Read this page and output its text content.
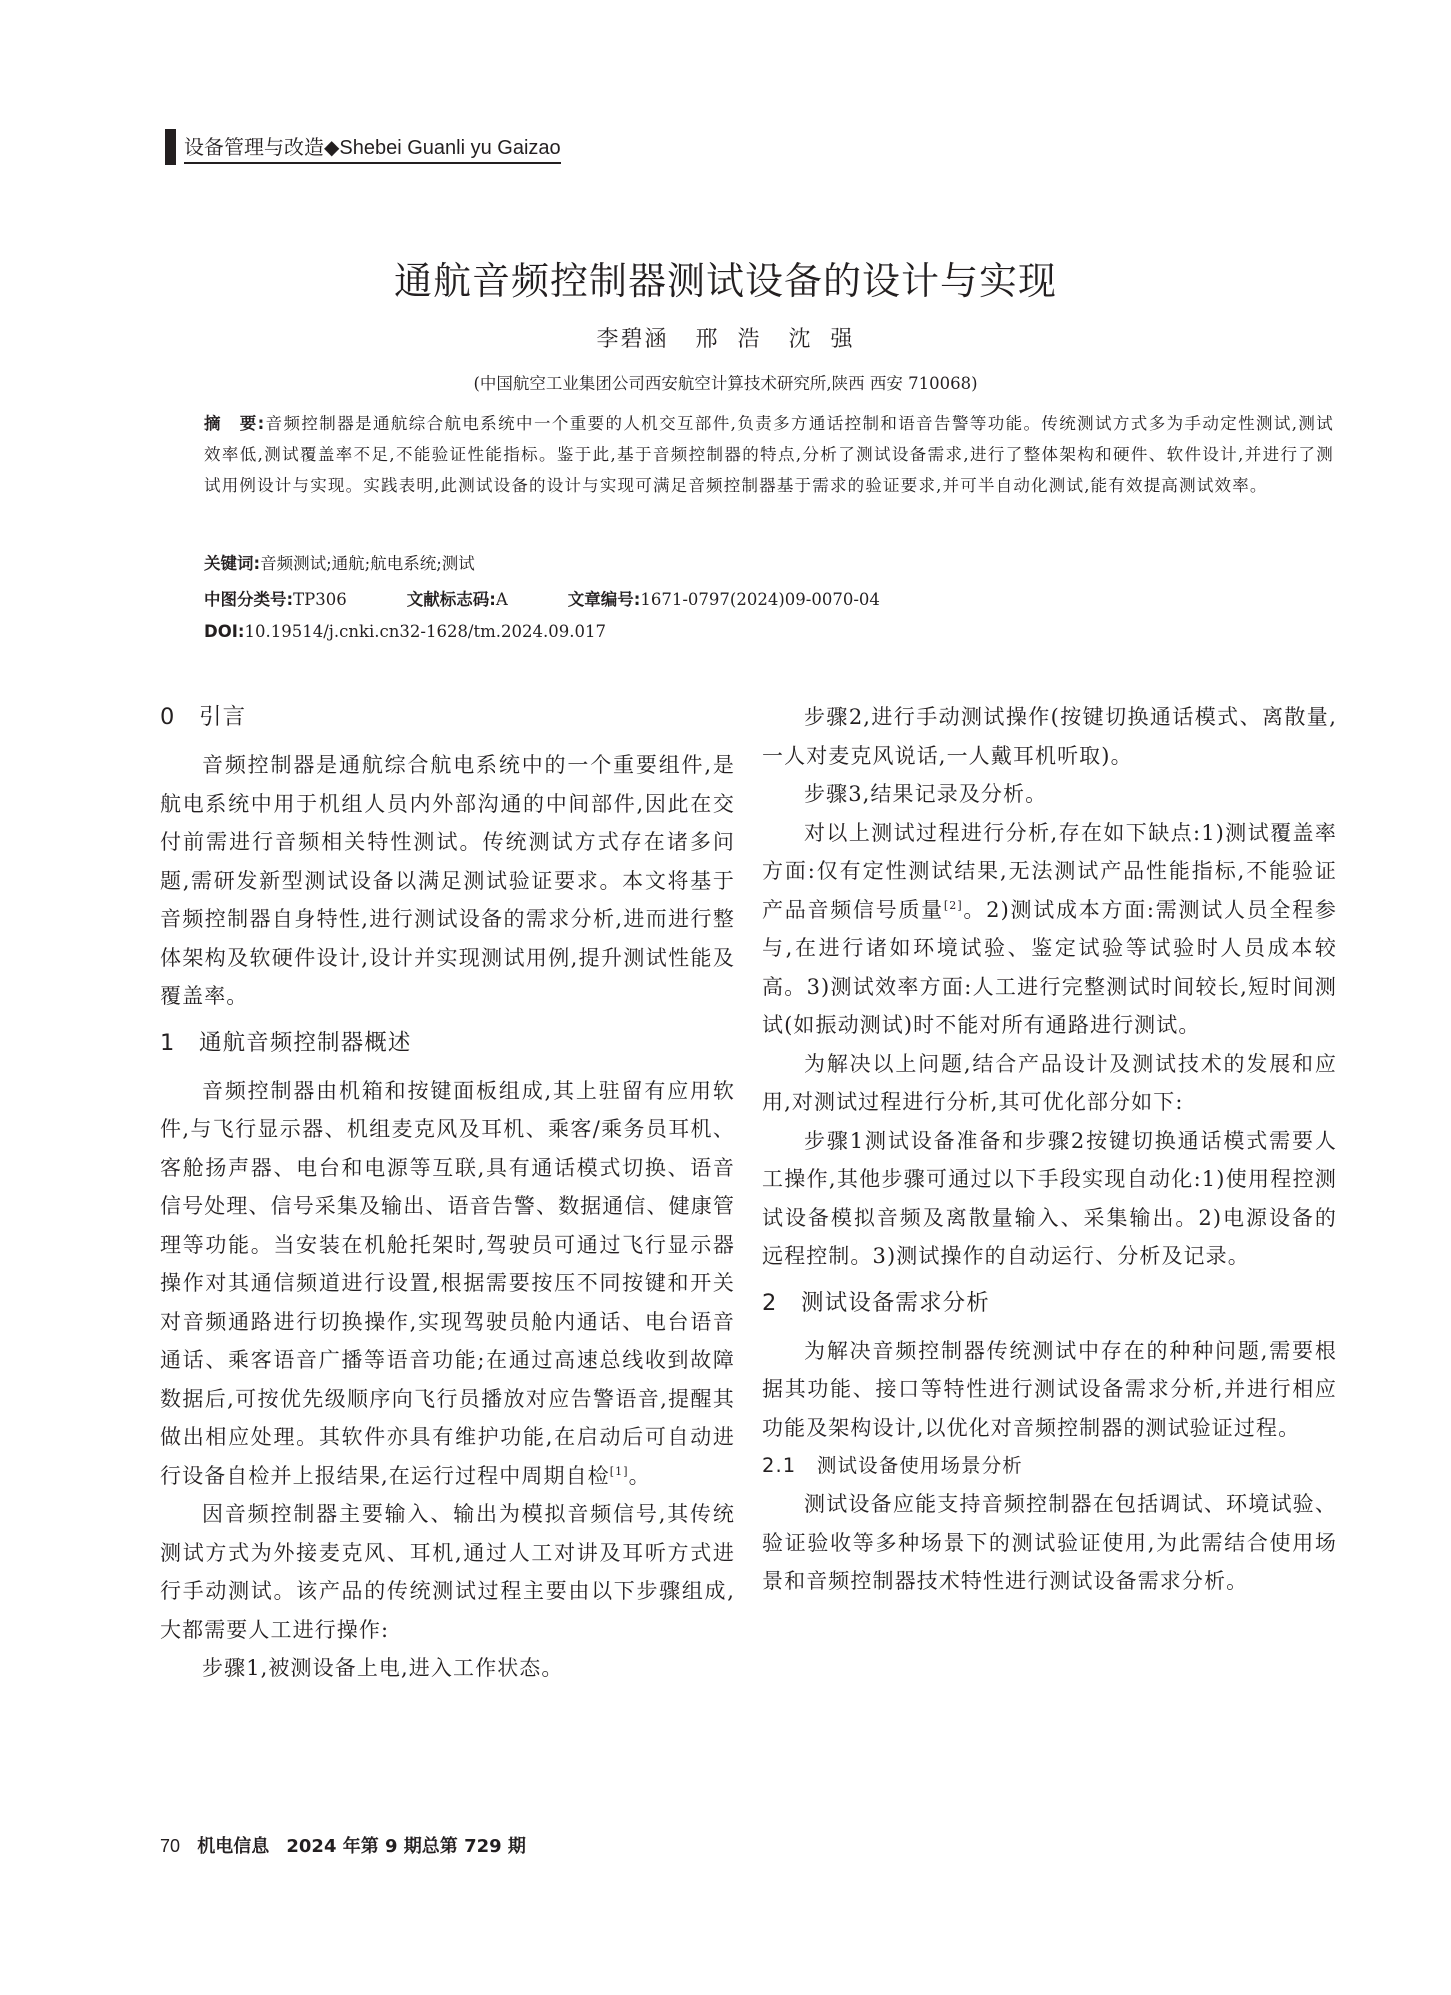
设备管理与改造◆Shebei Guanli yu Gaizao
通航音频控制器测试设备的设计与实现
李碧涵   邢  浩   沈  强
(中国航空工业集团公司西安航空计算技术研究所,陕西 西安 710068)
摘　要:音频控制器是通航综合航电系统中一个重要的人机交互部件,负责多方通话控制和语音告警等功能。传统测试方式多为手动定性测试,测试效率低,测试覆盖率不足,不能验证性能指标。鉴于此,基于音频控制器的特点,分析了测试设备需求,进行了整体架构和硬件、软件设计,并进行了测试用例设计与实现。实践表明,此测试设备的设计与实现可满足音频控制器基于需求的验证要求,并可半自动化测试,能有效提高测试效率。
关键词:音频测试;通航;航电系统;测试
中图分类号:TP306	文献标志码:A	文章编号:1671-0797(2024)09-0070-04
DOI:10.19514/j.cnki.cn32-1628/tm.2024.09.017
0　引言

音频控制器是通航综合航电系统中的一个重要组件,是航电系统中用于机组人员内外部沟通的中间部件,因此在交付前需进行音频相关特性测试。传统测试方式存在诸多问题,需研发新型测试设备以满足测试验证要求。本文将基于音频控制器自身特性,进行测试设备的需求分析,进而进行整体架构及软硬件设计,设计并实现测试用例,提升测试性能及覆盖率。

1　通航音频控制器概述

音频控制器由机箱和按键面板组成,其上驻留有应用软件,与飞行显示器、机组麦克风及耳机、乘客/乘务员耳机、客舱扬声器、电台和电源等互联,具有通话模式切换、语音信号处理、信号采集及输出、语音告警、数据通信、健康管理等功能。当安装在机舱托架时,驾驶员可通过飞行显示器操作对其通信频道进行设置,根据需要按压不同按键和开关对音频通路进行切换操作,实现驾驶员舱内通话、电台语音通话、乘客语音广播等语音功能;在通过高速总线收到故障数据后,可按优先级顺序向飞行员播放对应告警语音,提醒其做出相应处理。其软件亦具有维护功能,在启动后可自动进行设备自检并上报结果,在运行过程中周期自检[1]。

因音频控制器主要输入、输出为模拟音频信号,其传统测试方式为外接麦克风、耳机,通过人工对讲及耳听方式进行手动测试。该产品的传统测试过程主要由以下步骤组成,大都需要人工进行操作:

步骤1,被测设备上电,进入工作状态。

步骤2,进行手动测试操作(按键切换通话模式、离散量,一人对麦克风说话,一人戴耳机听取)。

步骤3,结果记录及分析。

对以上测试过程进行分析,存在如下缺点:1)测试覆盖率方面:仅有定性测试结果,无法测试产品性能指标,不能验证产品音频信号质量[2]。2)测试成本方面:需测试人员全程参与,在进行诸如环境试验、鉴定试验等试验时人员成本较高。3)测试效率方面:人工进行完整测试时间较长,短时间测试(如振动测试)时不能对所有通路进行测试。

为解决以上问题,结合产品设计及测试技术的发展和应用,对测试过程进行分析,其可优化部分如下:

步骤1测试设备准备和步骤2按键切换通话模式需要人工操作,其他步骤可通过以下手段实现自动化:1)使用程控测试设备模拟音频及离散量输入、采集输出。2)电源设备的远程控制。3)测试操作的自动运行、分析及记录。

2　测试设备需求分析

为解决音频控制器传统测试中存在的种种问题,需要根据其功能、接口等特性进行测试设备需求分析,并进行相应功能及架构设计,以优化对音频控制器的测试验证过程。

2.1　测试设备使用场景分析

测试设备应能支持音频控制器在包括调试、环境试验、验证验收等多种场景下的测试验证使用,为此需结合使用场景和音频控制器技术特性进行测试设备需求分析。

70 机电信息 2024 年第 9 期总第 729 期
